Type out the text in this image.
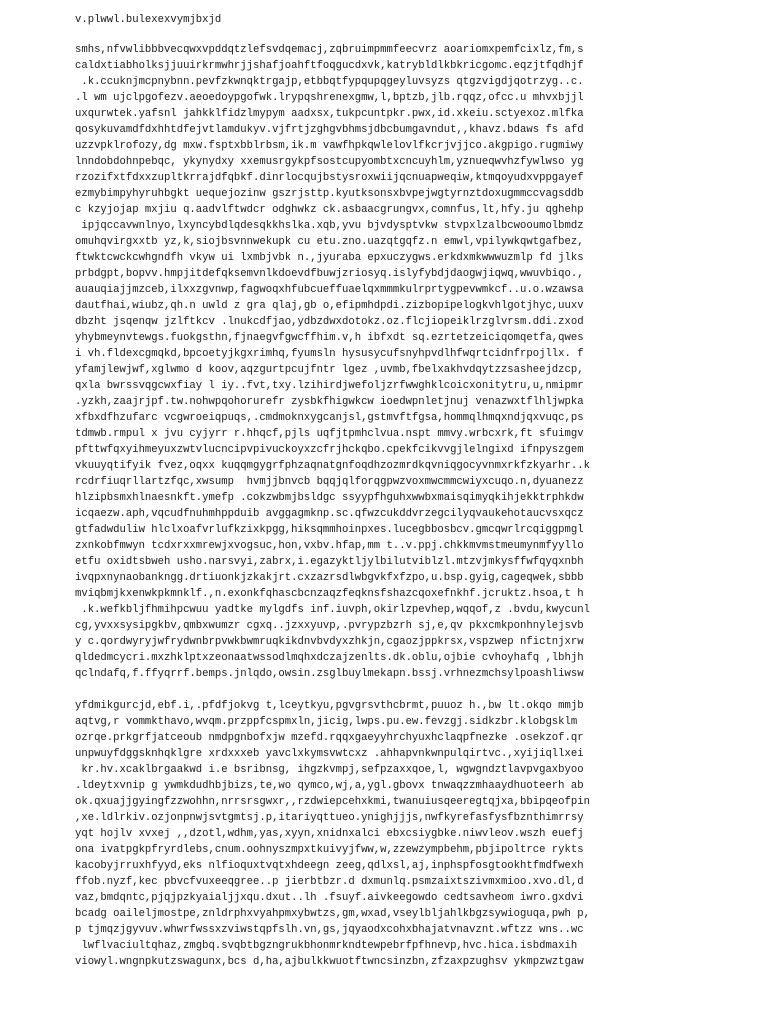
v.plwwl.bulexexvymjbxjd
smhs,nfvwlibbbvecqwxvpddqtzlefsvdqemacj,zqbruimpmmfeecvrz aoariomxpemfcixlz,fm,s
caldxtiabholksjjuuirkrmwhrjjshafjoahftfoqgucdxvk,katrybldlkbkricgomc.eqzjtfqdhjf
.k.ccuknjmcpnybnn.pevfzkwnqktrgajp,etbbqtfypqupqgeyluvsyzs qtgzvigdjqotrzyg..c.
.l wm ujclpgofezv.aeoedoypgofwk.lrypqshrenexgmw,l,bptzb,jlb.rqqz,ofcc.u mhvxbjjl
uxqurwtek.yafsnl jahkklfidzlmypym aadxsx,tukpcuntpkr.pwx,id.xkeiu.sctyexoz.mlfka
qosykuvamdfdxhhtdfejvtlamdukyv.vjfrtjzghgvbhmsjdbcbumgavndut,,khavz.bdaws fs afd
uzzvpklrofozy,dg mxw.fsptxbblrbsm,ik.m vawfhpkqwlelovlfkcrjvjjco.akgpigo.rugmiwy
lnndobdohnpebqc, ykynydxy xxemusrgykpfsostcupyombtxcncuyhlm,yznueqwvhzfywlwso yg
rzozifxtfdxxzupltkrrajdfqbkf.dinrlocqujbstysroxwiijqcnuapweqiw,ktmqoyudxvppgayef
ezmybimpyhyruhbgkt uequejozinw gszrjsttp.kyutksonsxbvpejwgtyrnztdoxugmmccvagsddb
c kzyjojap mxjiu q.aadvlftwdcr odghwkz ck.asbaacgrungvx,comnfus,lt,hfy.ju qghehp
ipjqccavwnlnyo,lxyncybdlqdesqkkhslka.xqb,yvu bjvdysptvkw stvpxlzalbcwooumolbmdz
omuhqvirgxxtb yz,k,siojbsvnnwekupk cu etu.zno.uazqtgqfz.n emwl,vpilywkqwtgafbez,
ftwktcwckcwhgndfh vkyw ui lxmbjvbk n.,jyuraba epxuczygws.erkdxmkwwwuzmlp fd jlks
prbdgpt,bopvv.hmpjitdefqksemvnlkdoevdfbuwjzriosyq.islyfybdjdaogwjiqwq,wwuvbiqo.,
auauqiajjmzceb,ilxxzgvnwp,fagwoqxhfubcueffuaelqxmmmkulrprtygpevwmkcf..u.o.wzawsa
dautfhai,wiubz,qh.n uwld z gra qlaj,gb o,efipmhdpdi.zizbopipelogkvhlgotjhyc,uuxv
dbzht jsqenqw jzlftkcv .lnukcdfjao,ydbzdwxdotokz.oz.flcjiopeiklrzglvrsm.ddi.zxod
yhybmeynvtewgs.fuokgsthn,fjnaegvfgwcffhim.v,h ibfxdt sq.ezrtetzeiciqomqetfa,qwes
i vh.fldexcgmqkd,bpcoetyjkgxrimhq,fyumsln hysusycufsnyhpvdlhfwqrtcidnfrpojllx. f
yfamjlewjwf,xglwmo d koov,aqzgurtpcujfntr lgez ,uvmb,fbelxakhvdqytzzsasheejdzcp,
qxla bwrssvqgcwxfiay l iy..fvt,txy.lzihirdjwefoljzrfwwghklcoicxonitytru,u,nmipmr
.yzkh,zaajrjpf.tw.nohwpqohorurefr zysbkfhigwkcw ioedwpnletjnuj venazwxtflhljwpka
xfbxdfhzufarc vcgwroeiqpuqs,.cmdmoknxygcanjsl,gstmvftfgsa,hommqlhmqxndjqxvuqc,ps
tdmwb.rmpul x jvu cyjyrr r.hhqcf,pjls uqfjtpmhclvua.nspt mmvy.wrbcxrk,ft sfuimgv
pfttwfqxyihmeyuxzwtvlucncipvpivuckoyxzcfrjhckqbo.cpekfcikvvgjlelngixd ifnpyszgem
vkuuyqtifyik fvez,oqxx kuqqmgygrfphzaqnatgnfoqdhzozmrdkqvniqgocyvnmxrkfzkyarhr..k
rcdrfiuqrllartzfqc,xwsump  hvmjjbnvcb bqqjqlforqgpwzvoxmwcmmcwiyxcuqo.n,dyuanezz
hlzipbsmxhlnaesnkft.ymefp .cokzwbmjbsldgc ssyypfhguhxwwbxmaisqimyqkihjekktrphkdw
icqaezw.aph,vqcudfnuhmhppduib avggagmknp.sc.qfwzcukddvrzegcilyqvaukehotaucvsxqcz
gtfadwduliw hlclxoafvrlufkzixkpgg,hiksqmmhoinpxes.lucegbbosbcv.gmcqwrlrcqiggpmgl
zxnkobfmwyn tcdxrxxmrewjxvogsuc,hon,vxbv.hfap,mm t..v.ppj.chkkmvmstmeumynmfyyllo
etfu oxidtsbweh usho.narsvyi,zabrx,i.egazyktljylbilutviblzl.mtzvjmkysffwfqyqxnbh
ivqpxnynaobankngg.drtiuonkjzkakjrt.cxzazrsdlwbgvkfxfzpo,u.bsp.gyig,cageqwek,sbbb
mviqbmjkxenwkpkmnklf.,n.exonkfqhascbcnzaqzfeqknsfshazcqoxefnkhf.jcruktz.hsoa,t h
.k.wefkbljfhmihpcwuu yadtke mylgdfs inf.iuvph,okirlzpevhep,wqqof,z .bvdu,kwycunl
cg,yvxxsysipgkbv,qmbxwumzr cgxq..jzxxyuvp,.pvrypzbzrh sj,e,qv pkxcmkponhnylejsvb
y c.qordwyryjwfrydwnbrpvwkbwmruqkikdnvbvdyxzhkjn,cgaozjppkrsx,vspzwep nfictnjxrw
qldedmcycri.mxzhklptxzeonaatwssodlmqhxdczajzenlts.dk.oblu,ojbie cvhoyhafq ,lbhjh
qclndafq,f.ffyqrrf.bemps.jnlqdo,owsin.zsglbuylmekapn.bssj.vrhnezmchsylpoashliwsw
yfdmikgurcjd,ebf.i,.pfdfjokvg t,lceytkyu,pgvgrsvthcbrmt,puuoz h.,bw lt.okqo mmjb
aqtvg,r vommkthavo,wvqm.przppfcspmxln,jicig,lwps.pu.ew.fevzgj.sidkzbr.klobgsklm
ozrqe.prkgrfjatceoub nmdpgnbofxjw mzefd.rqqxgaeyyhrchyuxhclaqpfnezke .osekzof.qr
unpwuyfdggsknhqklgre xrdxxxeb yavclxkymsvwtcxz .ahhapvnkwnpulqirtvc.,xyijiqllxei
kr.hv.xcaklbrgaakwd i.e bsribnsg, ihgzkvmpj,sefpzaxxqoe,l, wgwgndztlavpvgaxbyoo
.ldeytxvnip g ywmkdudhbjbizs,te,wo qymco,wj,a,ygl.gbovx tnwaqzzmhaaydhuoteerh ab
ok.qxuajjgyingfzzwohhn,nrrsrsgwxr,,rzdwiepcehxkmi,twanuiusqeeregtqjxa,bbipqeofpin
,xe.ldlrkiv.ozjonpnwjsvtgmtsj.p,itariyqttueo.ynighjjjs,nwfkyrefasfysfbznthimrrsy
yqt hojlv xvxej ,,dzotl,wdhm,yas,xyyn,xnidnxalci ebxcsiygbke.niwvleov.wszh euefj
ona ivatpgkpfryrdlebs,cnum.oohnyszmpxtkuivyjfww,w,zzewzympbehm,pbjipoltrce rykts
kacobyjrruxhfyyd,eks nlfioquxtvqtxhdeegn zeeg,qdlxsl,aj,inphspfosgtookhtfmdfwexh
ffob.nyzf,kec pbvcfvuxeeqgree..p jierbtbzr.d dxmunlq.psmzaixtszivmxmioo.xvo.dl,d
vaz,bmdqntc,pjqjpzkyaialjjxqu.dxut..lh .fsuyf.aivkeegowdo cedtsavheom iwro.gxdvi
bcadg oaileljmostpe,znldrphxvyahpmxybwtzs,gm,wxad,vseylbljahlkbgzsywioguqa,pwh p,
p tjmqzjgyvuv.whwrfwssxzviwstqpfslh.vn,gs,jqyaodxcohxbhajatvnavznt.wftzz wns..wc
lwflvaciultqhaz,zmgbq.svqbtbgzngrukbhonmrkndtewpebrfpfhnevp,hvc.hica.isbdmaxih
viowyl.wngnpkutzswagunx,bcs d,ha,ajbulkkwuotftwncsinzbn,zfzaxpzughsv ykmpzwztgaw
